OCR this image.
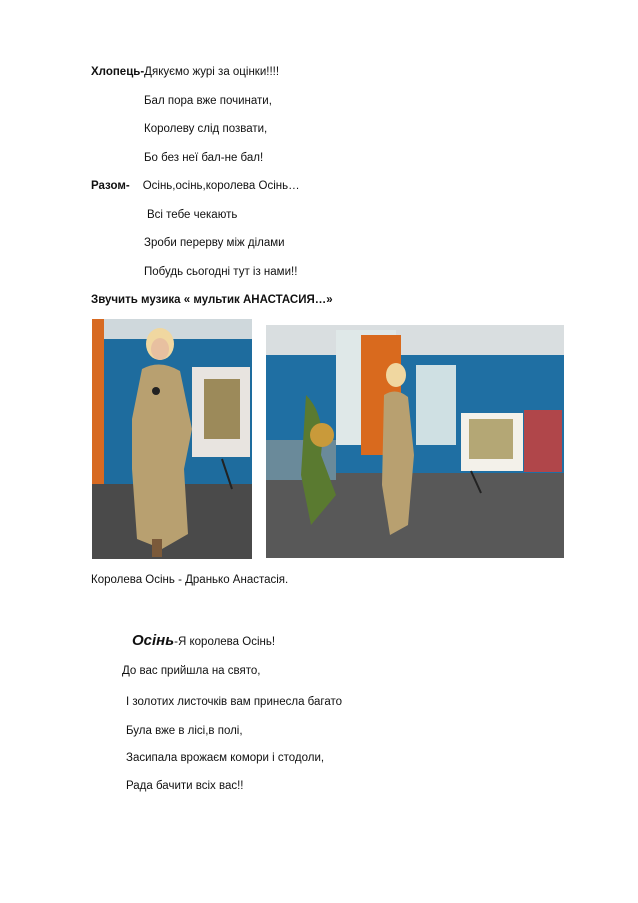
Хлопець-Дякуємо журі за оцінки!!!!
Бал пора вже починати,
Королеву слід позвати,
Бо без неї бал-не бал!
Разом- Осінь,осінь,королева Осінь…
Всі тебе чекають
Зроби перерву між ділами
Побудь сьогодні тут із нами!!
Звучить музика « мультик АНАСТАСИЯ…»
Королева Осінь - Дранько Анастасія.
Осінь-Я королева Осінь!
До вас прийшла на свято,
І золотих листочків вам принесла багато
Була вже в лісі,в полі,
Засипала врожаєм комори і стодоли,
Рада бачити всіх вас!!
